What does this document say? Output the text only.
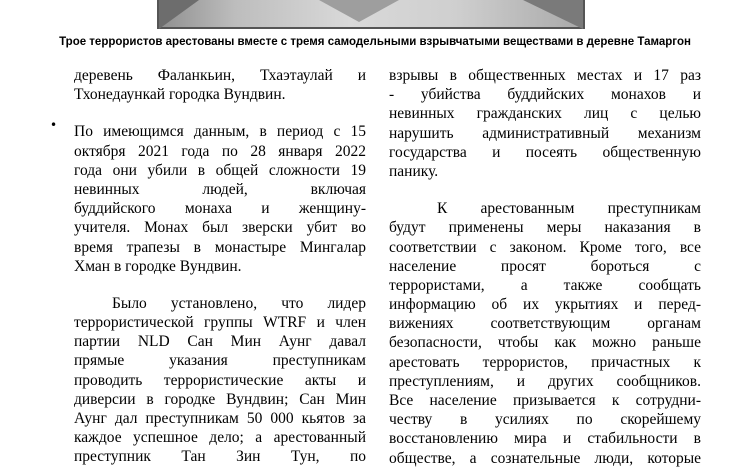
Трое террористов арестованы вместе с тремя самодельными взрывчатыми веществами в деревне Тамаргон
деревень Фаланкьин, Тхаэтаулай и
Тхонедаункай городка Вундвин.
По имеющимся данным, в период с 15
октября 2021 года по 28 января 2022
года они убили в общей сложности 19
невинных людей, включая
буддийского монаха и женщину-
учителя. Монах был зверски убит во
время трапезы в монастыре Мингалар
Хман в городке Вундвин.
Было установлено, что лидер
террористической группы WTRF и член
партии NLD Сан Мин Аунг давал
прямые указания преступникам
проводить террористические акты и
диверсии в городке Вундвин; Сан Мин
Аунг дал преступникам 50 000 кьятов за
каждое успешное дело; а арестованный
преступник Тан Зин Тун, по
•
взрывы в общественных местах и 17 раз
- убийства буддийских монахов и
невинных гражданских лиц с целью
нарушить административный механизм
государства и посеять общественную
панику.
К арестованным преступникам
будут применены меры наказания в
соответствии с законом. Кроме того, все
население просят бороться с
террористами, а также сообщать
информацию об их укрытиях и перед-
вижениях соответствующим органам
безопасности, чтобы как можно раньше
арестовать террористов, причастных к
преступлениям, и других сообщников.
Все население призывается к сотрудни-
честву в усилиях по скорейшему
восстановлению мира и стабильности в
обществе, а сознательные люди, которые
